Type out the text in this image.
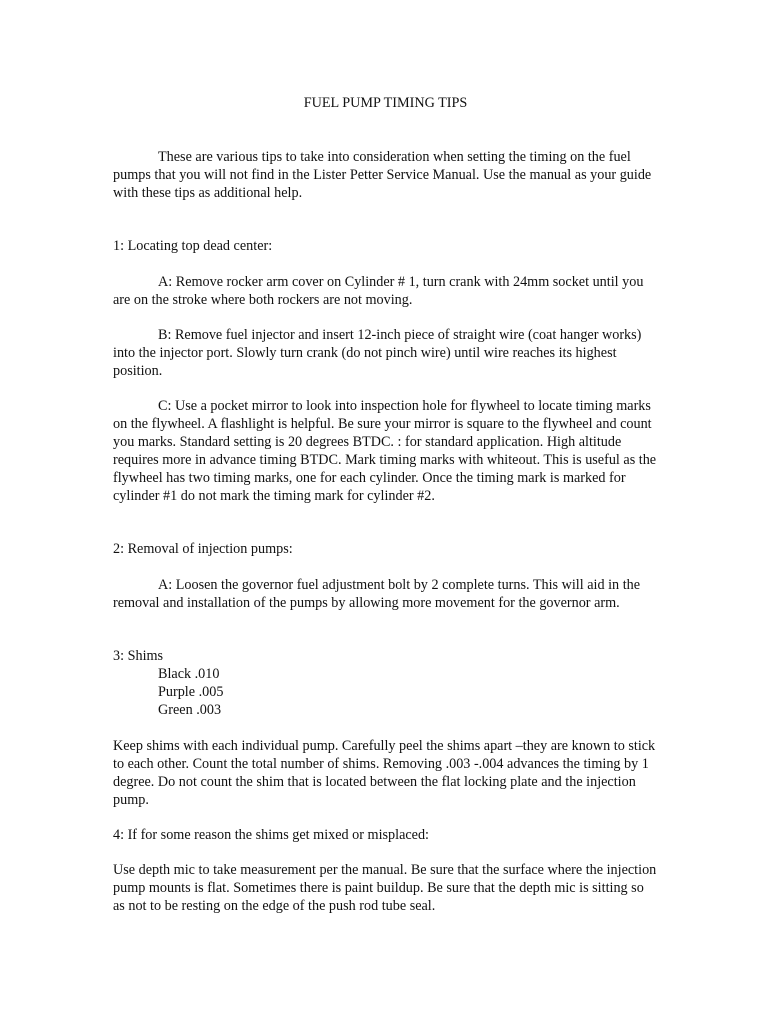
FUEL PUMP TIMING TIPS

These are various tips to take into consideration when setting the timing on the fuel pumps that you will not find in the Lister Petter Service Manual. Use the manual as your guide with these tips as additional help.

1: Locating top dead center:

A: Remove rocker arm cover on Cylinder # 1, turn crank with 24mm socket until you are on the stroke where both rockers are not moving.

B: Remove fuel injector and insert 12-inch piece of straight wire (coat hanger works) into the injector port. Slowly turn crank (do not pinch wire) until wire reaches its highest position.

C: Use a pocket mirror to look into inspection hole for flywheel to locate timing marks on the flywheel. A flashlight is helpful. Be sure your mirror is square to the flywheel and count you marks. Standard setting is 20 degrees BTDC. : for standard application. High altitude requires more in advance timing BTDC. Mark timing marks with whiteout. This is useful as the flywheel has two timing marks, one for each cylinder. Once the timing mark is marked for cylinder #1 do not mark the timing mark for cylinder #2.

2: Removal of injection pumps:

A: Loosen the governor fuel adjustment bolt by 2 complete turns. This will aid in the removal and installation of the pumps by allowing more movement for the governor arm.

3: Shims

Black .010

Purple .005

Green .003

Keep shims with each individual pump. Carefully peel the shims apart –they are known to stick to each other. Count the total number of shims. Removing .003 -.004 advances the timing by 1 degree. Do not count the shim that is located between the flat locking plate and the injection pump.

4: If for some reason the shims get mixed or misplaced:

Use depth mic to take measurement per the manual. Be sure that the surface where the injection pump mounts is flat. Sometimes there is paint buildup. Be sure that the depth mic is sitting so as not to be resting on the edge of the push rod tube seal.
